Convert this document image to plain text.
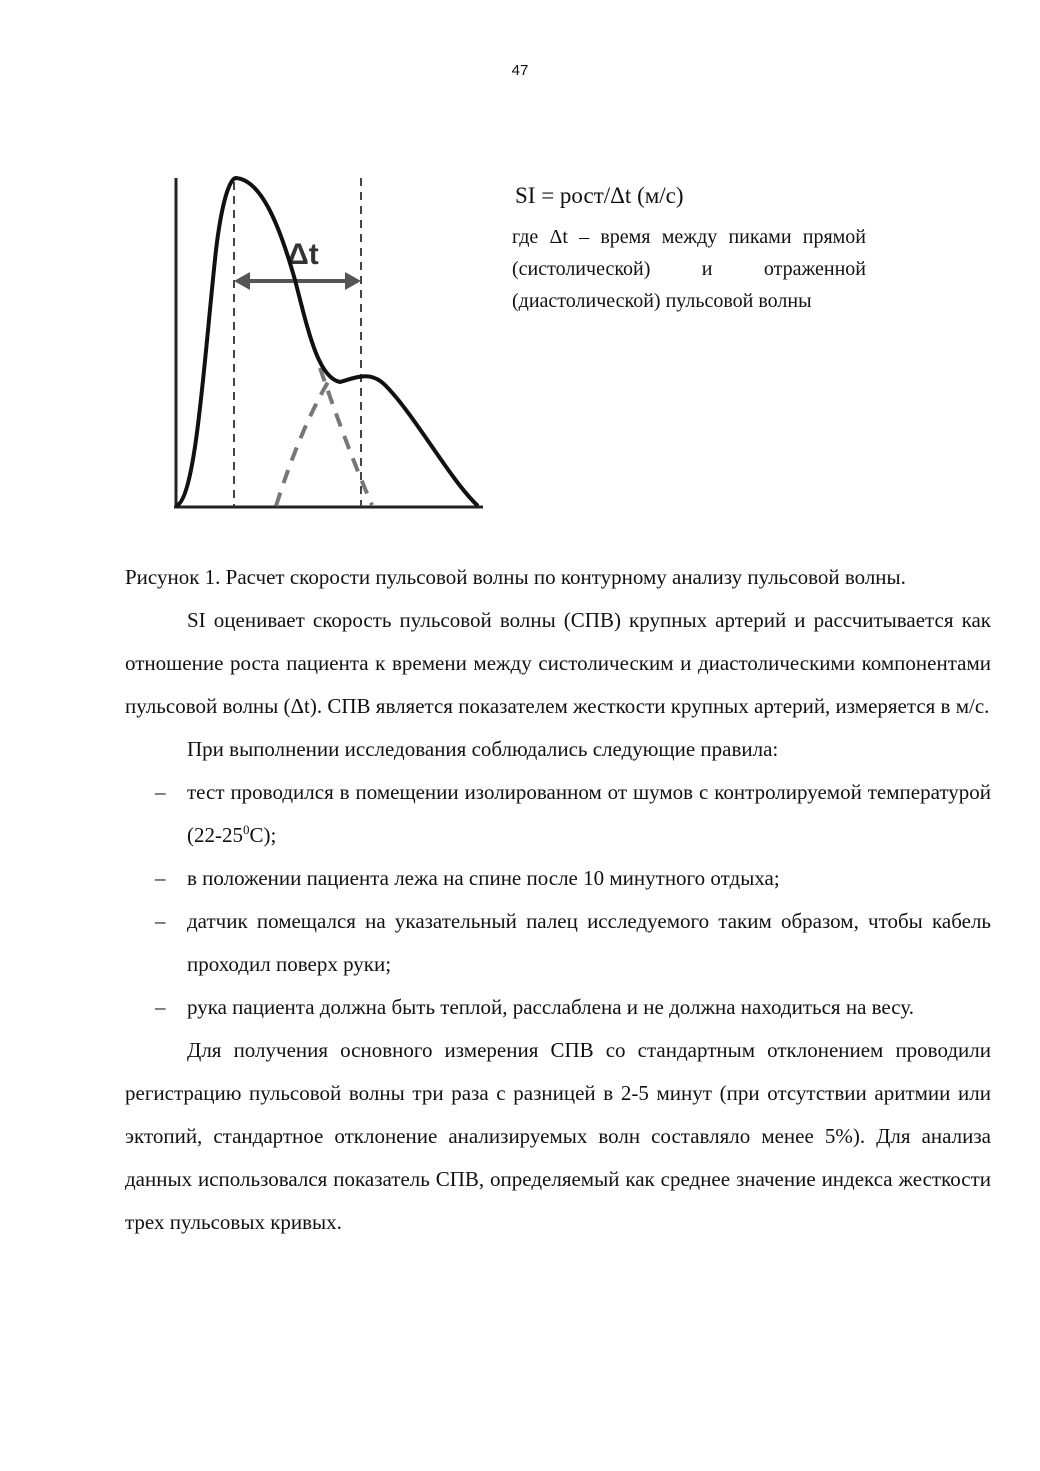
47
Δt

SI = рост/Δt (м/с)

где Δt – время между пиками прямой (систолической) и отраженной (диастолической) пульсовой волны

Рисунок 1. Расчет скорости пульсовой волны по контурному анализу пульсовой волны.

SI оценивает скорость пульсовой волны (СПВ) крупных артерий и рассчитывается как отношение роста пациента к времени между систолическим и диастолическими компонентами пульсовой волны (Δt). СПВ является показателем жесткости крупных артерий, измеряется в м/с.

При выполнении исследования соблюдались следующие правила:

– тест проводился в помещении изолированном от шумов с контролируемой температурой $(22-25^0С)$;
– в положении пациента лежа на спине после 10 минутного отдыха;
– датчик помещался на указательный палец исследуемого таким образом, чтобы кабель проходил поверх руки;
– рука пациента должна быть теплой, расслаблена и не должна находиться на весу.

Для получения основного измерения СПВ со стандартным отклонением проводили регистрацию пульсовой волны три раза с разницей в 2-5 минут (при отсутствии аритмии или эктопий, стандартное отклонение анализируемых волн составляло менее 5%). Для анализа данных использовался показатель СПВ, определяемый как среднее значение индекса жесткости трех пульсовых кривых.
